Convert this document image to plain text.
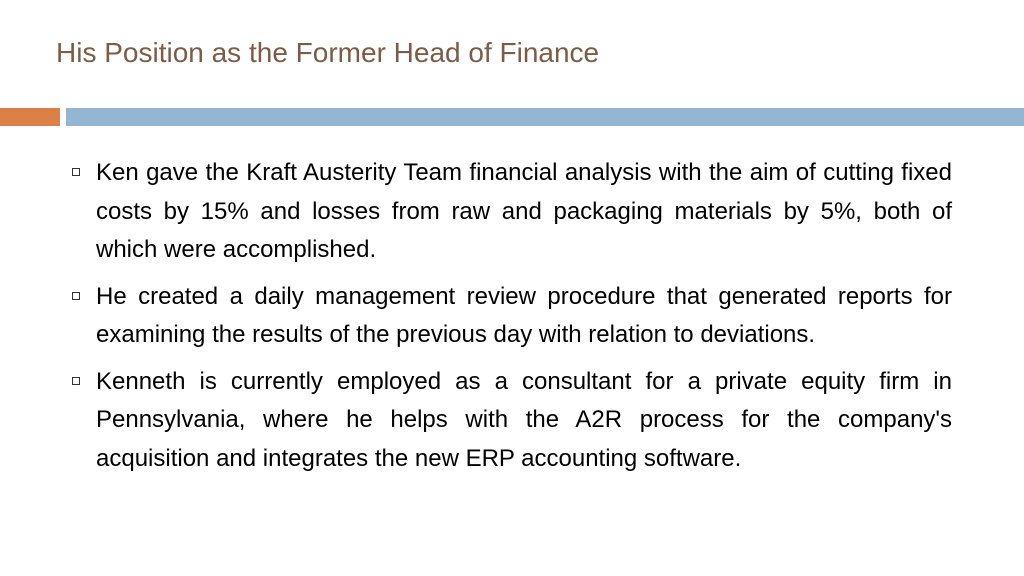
His Position as the Former Head of Finance
Ken gave the Kraft Austerity Team financial analysis with the aim of cutting fixed costs by 15% and losses from raw and packaging materials by 5%, both of which were accomplished.
He created a daily management review procedure that generated reports for examining the results of the previous day with relation to deviations.
Kenneth is currently employed as a consultant for a private equity firm in Pennsylvania, where he helps with the A2R process for the company's acquisition and integrates the new ERP accounting software.
